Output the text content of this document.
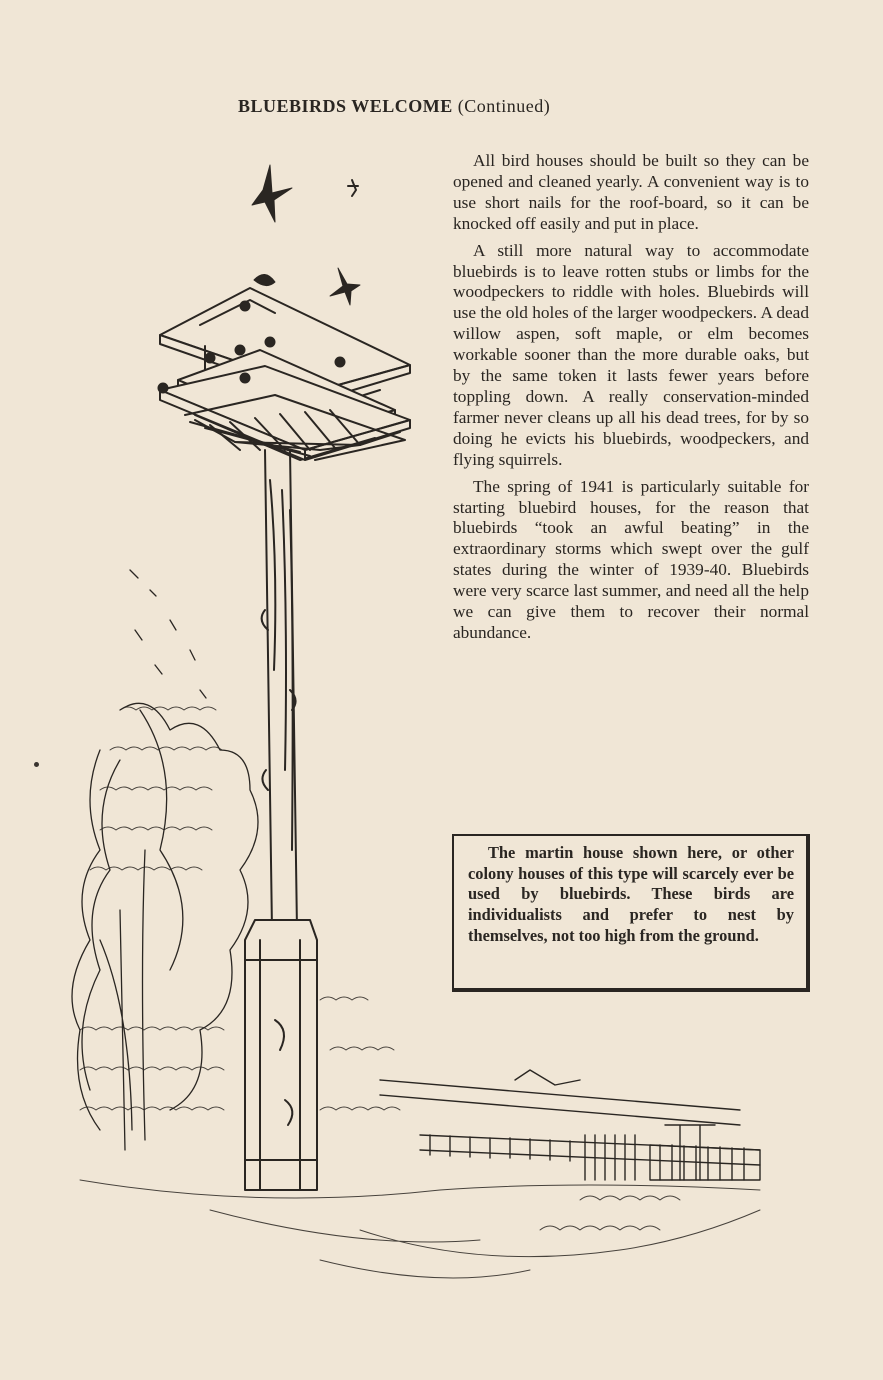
BLUEBIRDS WELCOME (Continued)

All bird houses should be built so they can be opened and cleaned yearly. A convenient way is to use short nails for the roof-board, so it can be knocked off easily and put in place.

A still more natural way to accommodate bluebirds is to leave rotten stubs or limbs for the woodpeckers to riddle with holes. Bluebirds will use the old holes of the larger woodpeckers. A dead willow aspen, soft maple, or elm becomes workable sooner than the more durable oaks, but by the same token it lasts fewer years before toppling down. A really conservation-minded farmer never cleans up all his dead trees, for by so doing he evicts his bluebirds, woodpeckers, and flying squirrels.

The spring of 1941 is particularly suitable for starting bluebird houses, for the reason that bluebirds “took an awful beating” in the extraordinary storms which swept over the gulf states during the winter of 1939-40. Bluebirds were very scarce last summer, and need all the help we can give them to recover their normal abundance.

The martin house shown here, or other colony houses of this type will scarcely ever be used by bluebirds. These birds are individualists and prefer to nest by themselves, not too high from the ground.
